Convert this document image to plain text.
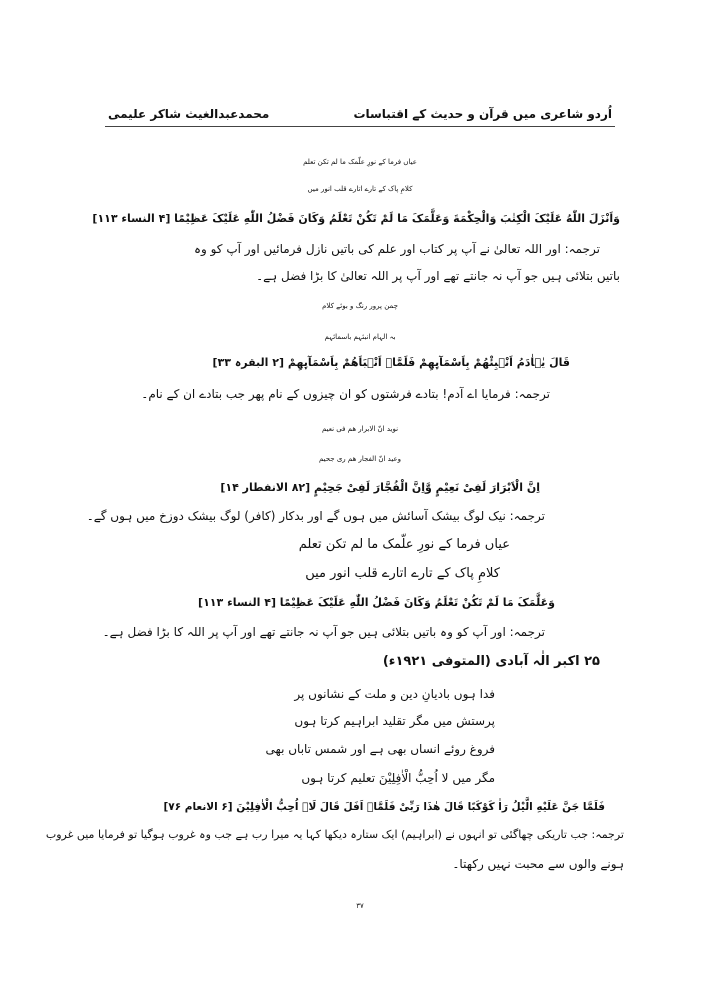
اُردو شاعری میں قرآن و حدیث کے اقتباسات
محمدعبدالغیث شاکر علیمی
عیاں فرما کے نورِ علّمک ما لم تکن تعلم
کلامِ پاک کے تارے اتارے قلب انور میں
وَاَنْزَلَ اللّٰهُ عَلَیْکَ الْکِتٰبَ وَالْحِکْمَةَ وَعَلَّمَکَ مَا لَمْ تَکُنْ تَعْلَمُ وَکَانَ فَضْلُ اللّٰهِ عَلَیْکَ عَظِیْمًا [۴ النساء ۱۱۳]
ترجمہ: اور اللہ تعالیٰ نے آپ پر کتاب اور علم کی باتیں نازل فرمائیں اور آپ کو وہ
باتیں بتلائی ہیں جو آپ نہ جانتے تھے اور آپ پر اللہ تعالیٰ کا بڑا فضل ہے۔
چمن پرور رنگ و بوئے کلام
بہ الہام انبئہم باسمائہم
قَالَ یٰۤاٰدَمُ اَنْۢبِئْهُمْ بِاَسْمَآىِٕهِمْ فَلَمَّاۤ اَنْۢبَاَهُمْ بِاَسْمَآىِٕهِمْ [۲ البقرہ ۳۳]
ترجمہ: فرمایا اے آدم! بتادے فرشتوں کو ان چیزوں کے نام پھر جب بتادے ان کے نام۔
نوید انّ الابرار ھم فی نعیم
وعید انّ الفجار ھم ری جحیم
اِنَّ الْاَبْرَارَ لَفِیْ نَعِیْمٍ وَّاِنَّ الْفُجَّارَ لَفِیْ جَحِیْمٍ [۸۲ الانفطار ۱۴]
ترجمہ: نیک لوگ بیشک آسائش میں ہوں گے اور بدکار (کافر) لوگ بیشک دوزخ میں ہوں گے۔
عیاں فرما کے نورِ علّمک ما لم تکن تعلم
کلامِ پاک کے تارے اتارے قلب انور میں
وَعَلَّمَکَ مَا لَمْ تَکُنْ تَعْلَمُ وَکَانَ فَضْلُ اللّٰهِ عَلَیْکَ عَظِیْمًا [۴ النساء ۱۱۳]
ترجمہ: اور آپ کو وہ باتیں بتلائی ہیں جو آپ نہ جانتے تھے اور آپ پر اللہ کا بڑا فضل ہے۔
۲۵ اکبر الٰہ آبادی (المتوفی ۱۹۲۱ء)
فدا ہوں بادیانِ دین و ملت کے نشانوں پر
پرستش میں مگر تقلید ابراہیم کرتا ہوں
فروغ روئے انساں بھی ہے اور شمس تاباں بھی
مگر میں لا اُحِبُّ الْاٰفِلِیْنَ تعلیم کرتا ہوں
فَلَمَّا جَنَّ عَلَیْهِ الَّیْلُ رَاٰ كَوْكَبًا قَالَ هٰذَا رَبِّیْ فَلَمَّاۤ اَفَلَ قَالَ لَاۤ اُحِبُّ الْاٰفِلِیْنَ [۶ الانعام ۷۶]
ترجمہ: جب تاریکی چھاگئی تو انہوں نے (ابراہیم) ایک ستارہ دیکھا کہا یہ میرا رب ہے جب وہ غروب ہوگیا تو فرمایا میں غروب
ہونے والوں سے محبت نہیں رکھتا۔
۳۷
